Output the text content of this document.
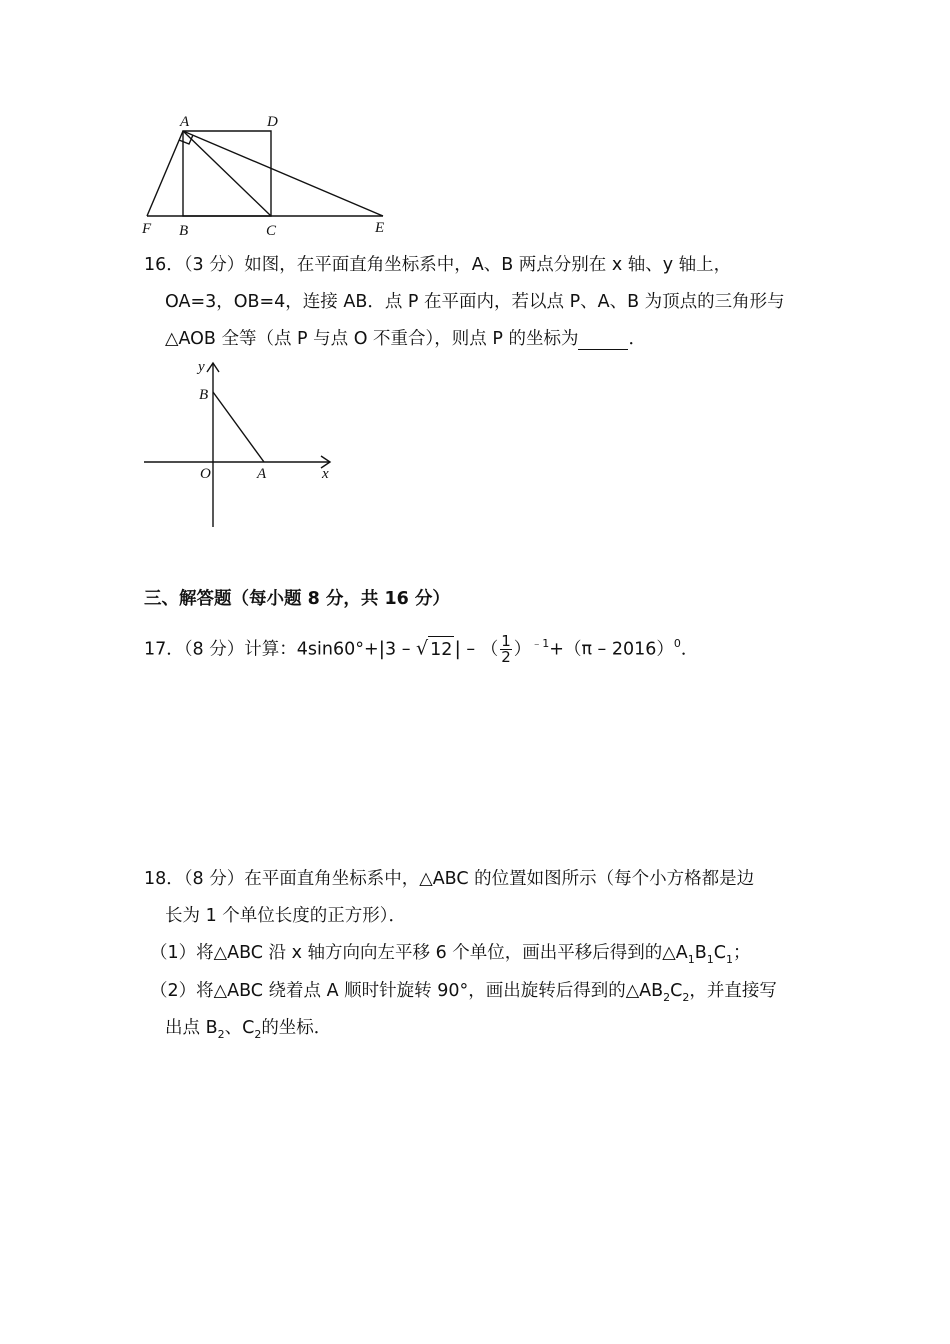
A	D
F B	C	E
16．（3 分）如图，在平面直角坐标系中，A、B 两点分别在 x 轴、y 轴上，
OA=3，OB=4，连接 AB．点 P 在平面内，若以点 P、A、B 为顶点的三角形与
△AOB 全等（点 P 与点 O 不重合），则点 P 的坐标为	．
y
B
O	A	x
三、解答题（每小题 8 分，共 16 分）
17．（8 分）计算：4sin60°+|3 – √ 12 | – （ $\frac{1}{2} )^{﹣1}+(\pi - 2016)^0$．
18．（8 分）在平面直角坐标系中，△ABC 的位置如图所示（每个小方格都是边
长为 1 个单位长度的正方形）．
（1）将△ABC 沿 x 轴方向向左平移 6 个单位，画出平移后得到的$\triangle A_1B_1C_1$；
（2）将△ABC 绕着点 A 顺时针旋转 90°，画出旋转后得到的$\triangle AB_2C_2$，并直接写
出点 $B_2$、$C_2$的坐标．
